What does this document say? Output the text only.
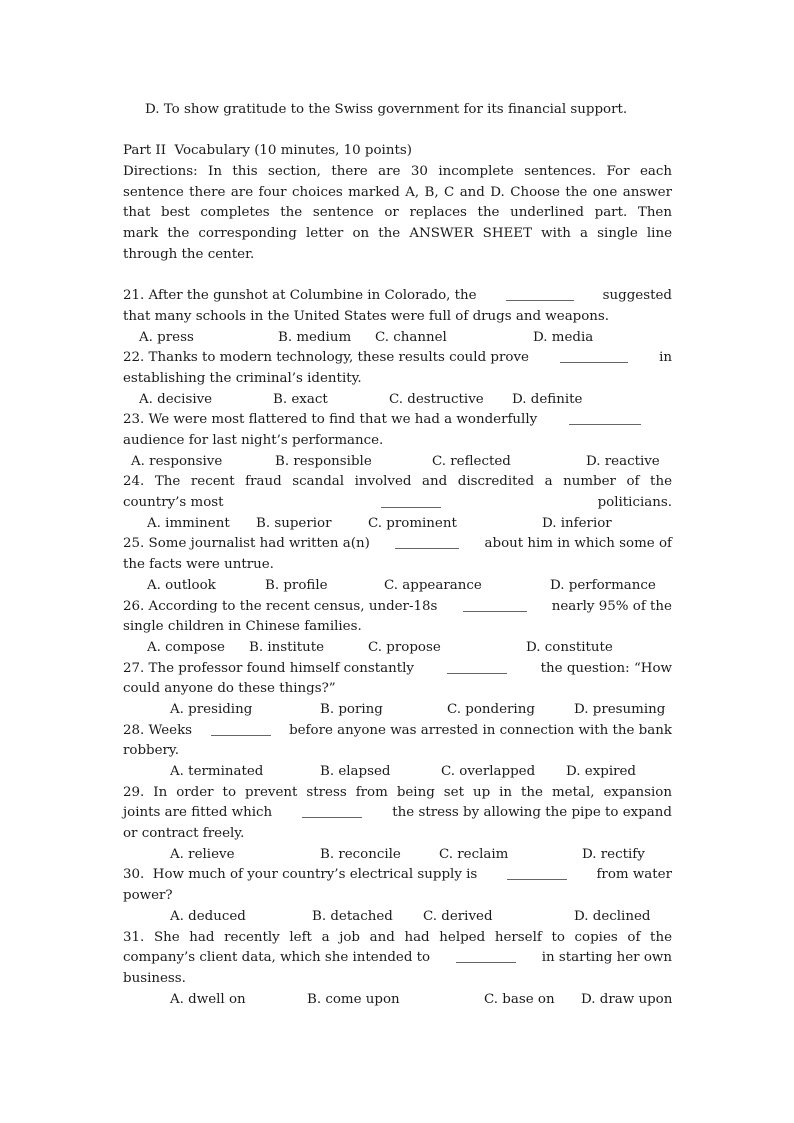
D. To show gratitude to the Swiss government for its financial support.
Part II  Vocabulary (10 minutes, 10 points)
Directions: In this section, there are 30 incomplete sentences. For each
sentence there are four choices marked A, B, C and D. Choose the one answer
that best completes the sentence or replaces the underlined part. Then
mark the corresponding letter on the ANSWER SHEET with a single line
through the center.
21. After the gunshot at Columbine in Colorado, the	suggested
that many schools in the United States were full of drugs and weapons.
A. press	B. medium C. channel	D. media
22. Thanks to modern technology, these results could prove	in
establishing the criminal’s identity.
A. decisive	B. exact	C. destructive D. definite
23. We were most flattered to find that we had a wonderfully
audience for last night’s performance.
A. responsive	B. responsible	C. reflected	D. reactive
24. The recent fraud scandal involved and discredited a number of the
country’s most	politicians.
A. imminent B. superior	C. prominent	D. inferior
25. Some journalist had written a(n)	about him in which some of
the facts were untrue.
A. outlook	B. profile	C. appearance	D. performance
26. According to the recent census, under-18s	nearly 95% of the
single children in Chinese families.
A. compose B. institute	C. propose	D. constitute
27. The professor found himself constantly	the question: “How
could anyone do these things?”
A. presiding	B. poring	C. pondering	D. presuming
28. Weeks	before anyone was arrested in connection with the bank
robbery.
A. terminated	B. elapsed	C. overlapped D. expired
29. In order to prevent stress from being set up in the metal, expansion
joints are fitted which	the stress by allowing the pipe to expand
or contract freely.
A. relieve	B. reconcile	C. reclaim	D. rectify
30.  How much of your country’s electrical supply is	from water
power?
A. deduced	B. detached C. derived	D. declined
31. She had recently left a job and had helped herself to copies of the
company’s client data, which she intended to	in starting her own
business.
A. dwell on	B. come upon	C. base on D. draw upon
